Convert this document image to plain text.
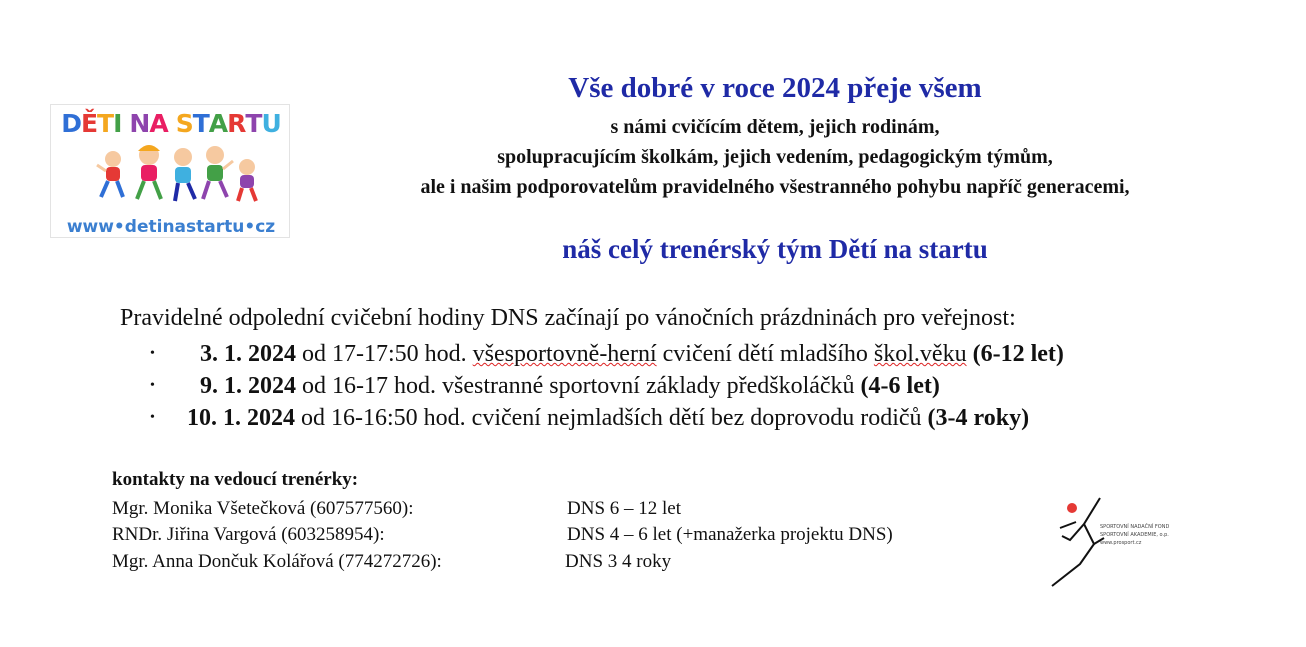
DĚTI NA STARTU
www•detinastartu•cz
Vše dobré v roce 2024 přeje všem
s námi cvičícím dětem, jejich rodinám,
spolupracujícím školkám, jejich vedením, pedagogickým týmům,
ale i našim podporovatelům pravidelného všestranného pohybu napříč generacemi,
náš celý trenérský tým Dětí na startu
Pravidelné odpolední cvičební hodiny DNS začínají po vánočních prázdninách pro veřejnost:
• 3. 1. 2024 od 17-17:50 hod. všesportovně-herní cvičení dětí mladšího škol.věku (6-12 let)
• 9. 1. 2024 od 16-17 hod. všestranné sportovní základy předškoláčků (4-6 let)
• 10. 1. 2024 od 16-16:50 hod. cvičení nejmladších dětí bez doprovodu rodičů (3-4 roky)
kontakty na vedoucí trenérky:
Mgr. Monika Všetečková (607577560):	DNS 6 – 12 let
RNDr. Jiřina Vargová (603258954):	DNS 4 – 6 let (+manažerka projektu DNS)
Mgr. Anna Dončuk Kolářová (774272726):	DNS 3 4 roky
SPORTOVNÍ NADAČNÍ FOND
SPORTOVNÍ AKADEMIE, o.p.
www.prosport.cz
